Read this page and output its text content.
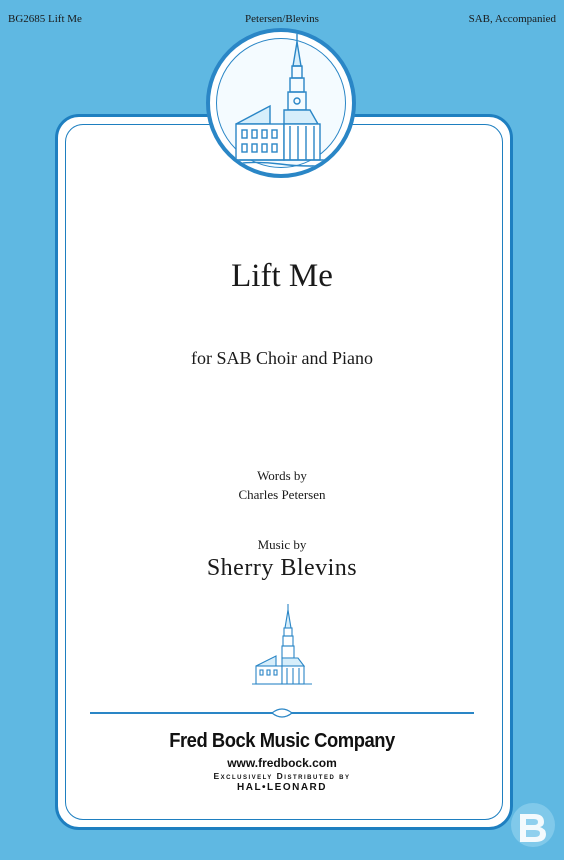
BG2685 Lift Me	Petersen/Blevins	SAB, Accompanied
Lift Me
for SAB Choir and Piano
Words by
Charles Petersen
Music by
Sherry Blevins
Fred Bock Music Company
www.fredbock.com
Exclusively Distributed by
HAL•LEONARD
